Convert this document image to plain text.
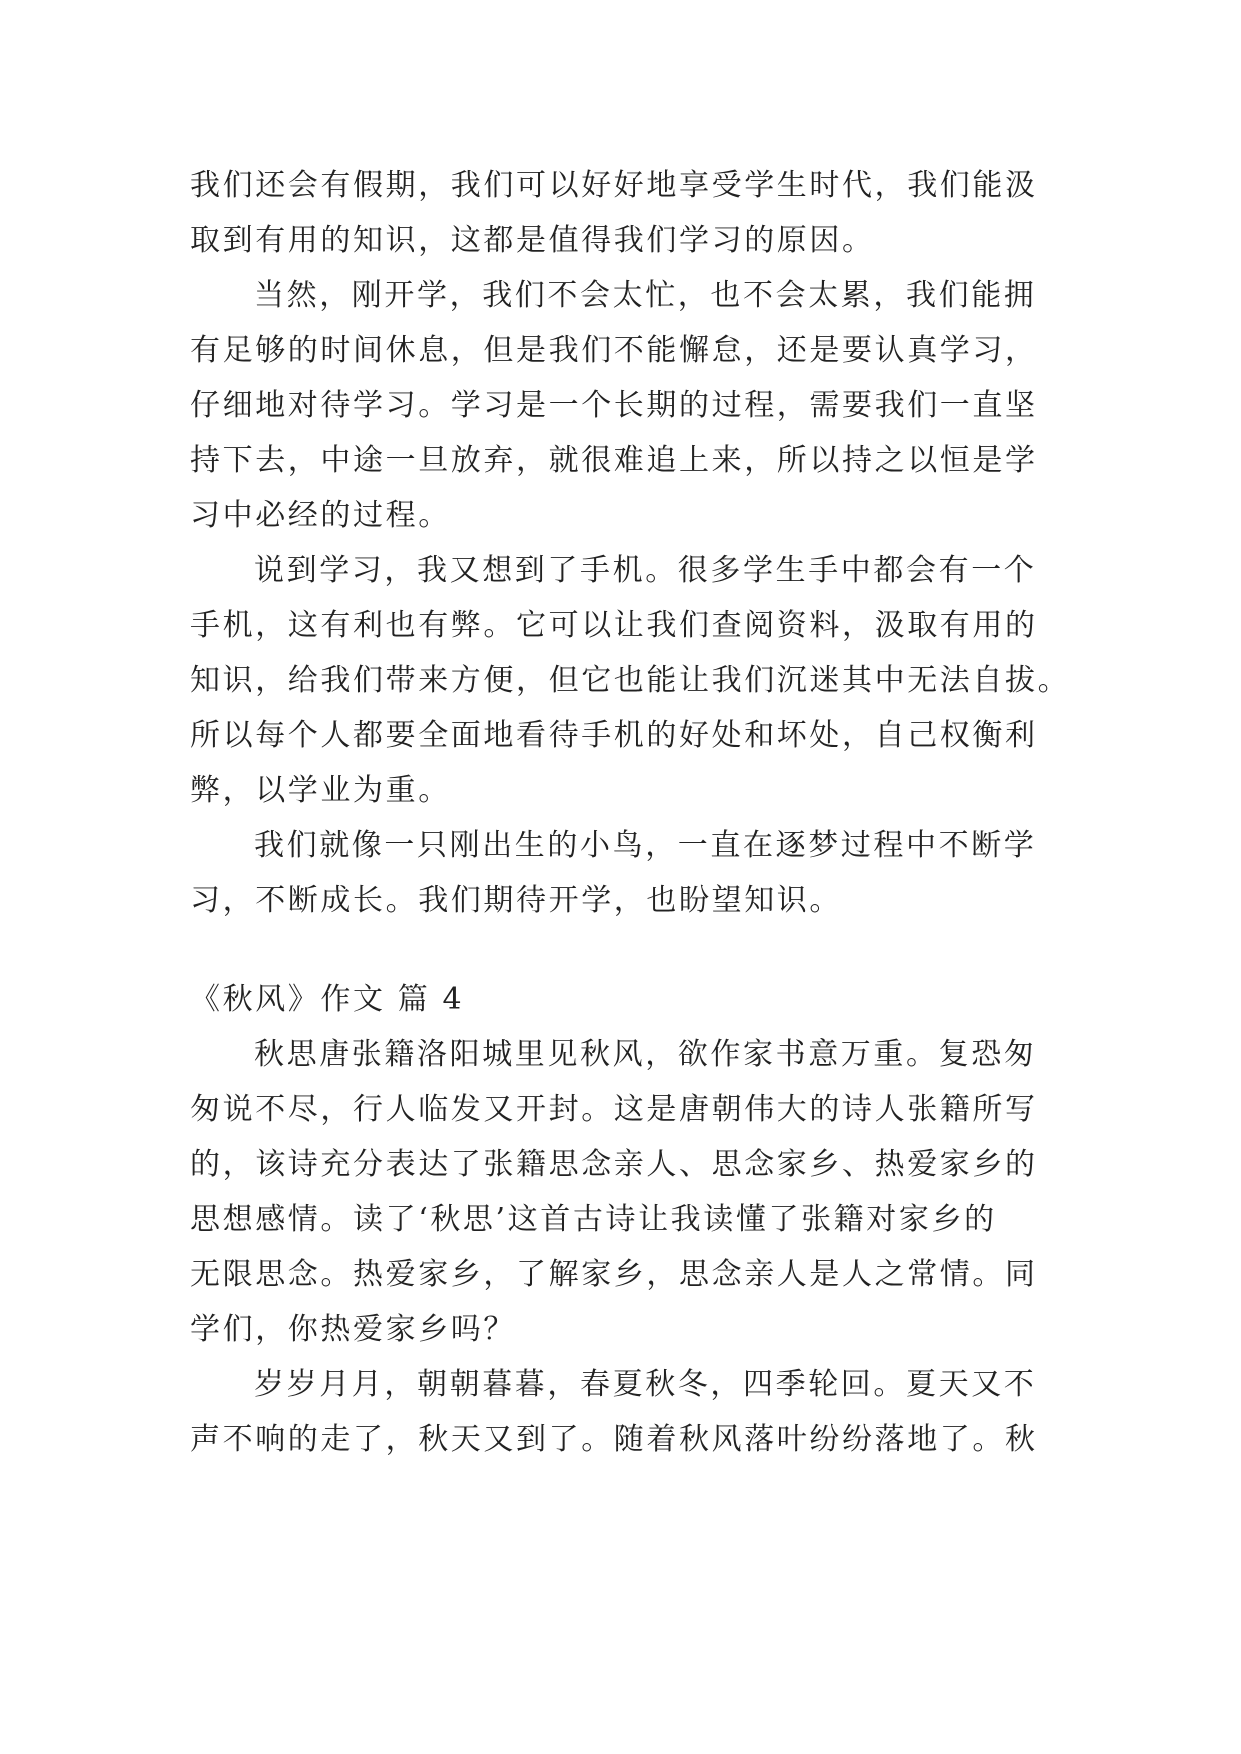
我们还会有假期，我们可以好好地享受学生时代，我们能汲
取到有用的知识，这都是值得我们学习的原因。
当然，刚开学，我们不会太忙，也不会太累，我们能拥
有足够的时间休息，但是我们不能懈怠，还是要认真学习，
仔细地对待学习。学习是一个长期的过程，需要我们一直坚
持下去，中途一旦放弃，就很难追上来，所以持之以恒是学
习中必经的过程。
说到学习，我又想到了手机。很多学生手中都会有一个
手机，这有利也有弊。它可以让我们查阅资料，汲取有用的
知识，给我们带来方便，但它也能让我们沉迷其中无法自拔。
所以每个人都要全面地看待手机的好处和坏处，自己权衡利
弊，以学业为重。
我们就像一只刚出生的小鸟，一直在逐梦过程中不断学
习，不断成长。我们期待开学，也盼望知识。
《秋风》作文 篇 4
秋思唐张籍洛阳城里见秋风，欲作家书意万重。复恐匆
匆说不尽，行人临发又开封。这是唐朝伟大的诗人张籍所写
的，该诗充分表达了张籍思念亲人、思念家乡、热爱家乡的
思想感情。读了‘秋思’这首古诗让我读懂了张籍对家乡的
无限思念。热爱家乡，了解家乡，思念亲人是人之常情。同
学们，你热爱家乡吗？
岁岁月月，朝朝暮暮，春夏秋冬，四季轮回。夏天又不
声不响的走了，秋天又到了。随着秋风落叶纷纷落地了。秋
